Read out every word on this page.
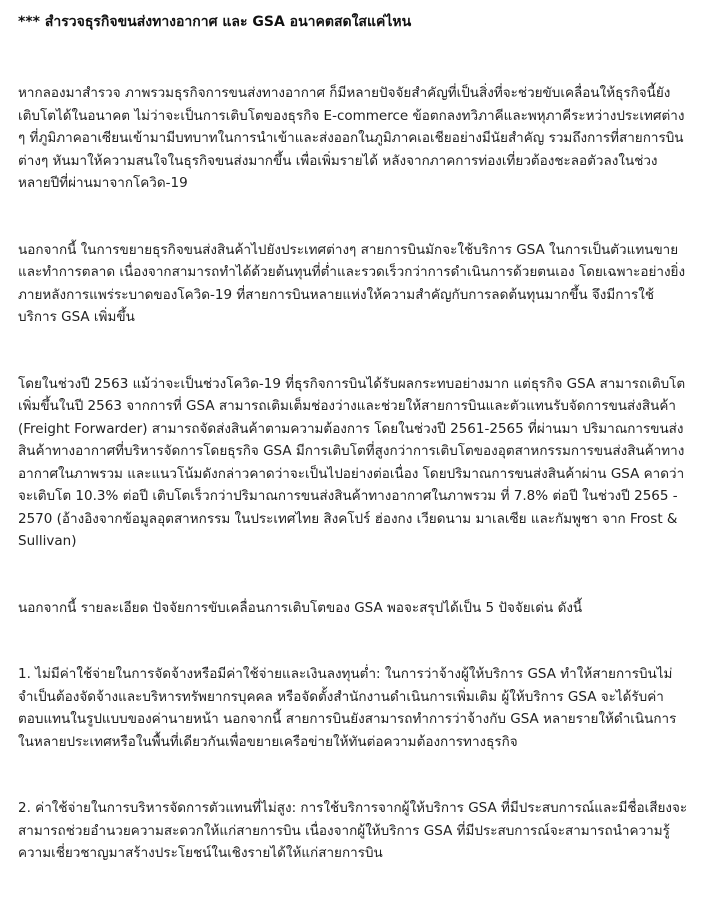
*** สำรวจธุรกิจขนส่งทางอากาศ และ GSA อนาคตสดใสแค่ไหน

หากลองมาสำรวจ ภาพรวมธุรกิจการขนส่งทางอากาศ ก็มีหลายปัจจัยสำคัญที่เป็นสิ่งที่จะช่วยขับเคลื่อนให้ธุรกิจนี้ยังเติบโตได้ในอนาคต ไม่ว่าจะเป็นการเติบโตของธุรกิจ E-commerce ข้อตกลงทวิภาคีและพหุภาคีระหว่างประเทศต่าง ๆ ที่ภูมิภาคอาเซียนเข้ามามีบทบาทในการนำเข้าและส่งออกในภูมิภาคเอเชียอย่างมีนัยสำคัญ รวมถึงการที่สายการบินต่างๆ หันมาให้ความสนใจในธุรกิจขนส่งมากขึ้น เพื่อเพิ่มรายได้ หลังจากภาคการท่องเที่ยวต้องชะลอตัวลงในช่วงหลายปีที่ผ่านมาจากโควิด-19

นอกจากนี้ ในการขยายธุรกิจขนส่งสินค้าไปยังประเทศต่างๆ สายการบินมักจะใช้บริการ GSA ในการเป็นตัวแทนขายและทำการตลาด เนื่องจากสามารถทำได้ด้วยต้นทุนที่ต่ำและรวดเร็วกว่าการดำเนินการด้วยตนเอง โดยเฉพาะอย่างยิ่งภายหลังการแพร่ระบาดของโควิด-19 ที่สายการบินหลายแห่งให้ความสำคัญกับการลดต้นทุนมากขึ้น จึงมีการใช้บริการ GSA เพิ่มขึ้น

โดยในช่วงปี 2563 แม้ว่าจะเป็นช่วงโควิด-19 ที่ธุรกิจการบินได้รับผลกระทบอย่างมาก แต่ธุรกิจ GSA สามารถเติบโตเพิ่มขึ้นในปี 2563 จากการที่ GSA สามารถเติมเต็มช่องว่างและช่วยให้สายการบินและตัวแทนรับจัดการขนส่งสินค้า (Freight Forwarder) สามารถจัดส่งสินค้าตามความต้องการ โดยในช่วงปี 2561-2565 ที่ผ่านมา ปริมาณการขนส่งสินค้าทางอากาศที่บริหารจัดการโดยธุรกิจ GSA มีการเติบโตที่สูงกว่าการเติบโตของอุตสาหกรรมการขนส่งสินค้าทางอากาศในภาพรวม และแนวโน้มดังกล่าวคาดว่าจะเป็นไปอย่างต่อเนื่อง โดยปริมาณการขนส่งสินค้าผ่าน GSA คาดว่าจะเติบโต 10.3% ต่อปี เติบโตเร็วกว่าปริมาณการขนส่งสินค้าทางอากาศในภาพรวม ที่ 7.8% ต่อปี ในช่วงปี 2565 - 2570 (อ้างอิงจากข้อมูลอุตสาหกรรม ในประเทศไทย สิงคโปร์ ฮ่องกง เวียดนาม มาเลเซีย และกัมพูชา จาก Frost & Sullivan)

นอกจากนี้ รายละเอียด ปัจจัยการขับเคลื่อนการเติบโตของ GSA พอจะสรุปได้เป็น 5 ปัจจัยเด่น ดังนี้

1. ไม่มีค่าใช้จ่ายในการจัดจ้างหรือมีค่าใช้จ่ายและเงินลงทุนต่ำ: ในการว่าจ้างผู้ให้บริการ GSA ทำให้สายการบินไม่จำเป็นต้องจัดจ้างและบริหารทรัพยากรบุคคล หรือจัดตั้งสำนักงานดำเนินการเพิ่มเติม ผู้ให้บริการ GSA จะได้รับค่าตอบแทนในรูปแบบของค่านายหน้า นอกจากนี้ สายการบินยังสามารถทำการว่าจ้างกับ GSA หลายรายให้ดำเนินการในหลายประเทศหรือในพื้นที่เดียวกันเพื่อขยายเครือข่ายให้ทันต่อความต้องการทางธุรกิจ

2. ค่าใช้จ่ายในการบริหารจัดการตัวแทนที่ไม่สูง: การใช้บริการจากผู้ให้บริการ GSA ที่มีประสบการณ์และมีชื่อเสียงจะสามารถช่วยอำนวยความสะดวกให้แก่สายการบิน เนื่องจากผู้ให้บริการ GSA ที่มีประสบการณ์จะสามารถนำความรู้ความเชี่ยวชาญมาสร้างประโยชน์ในเชิงรายได้ให้แก่สายการบิน
